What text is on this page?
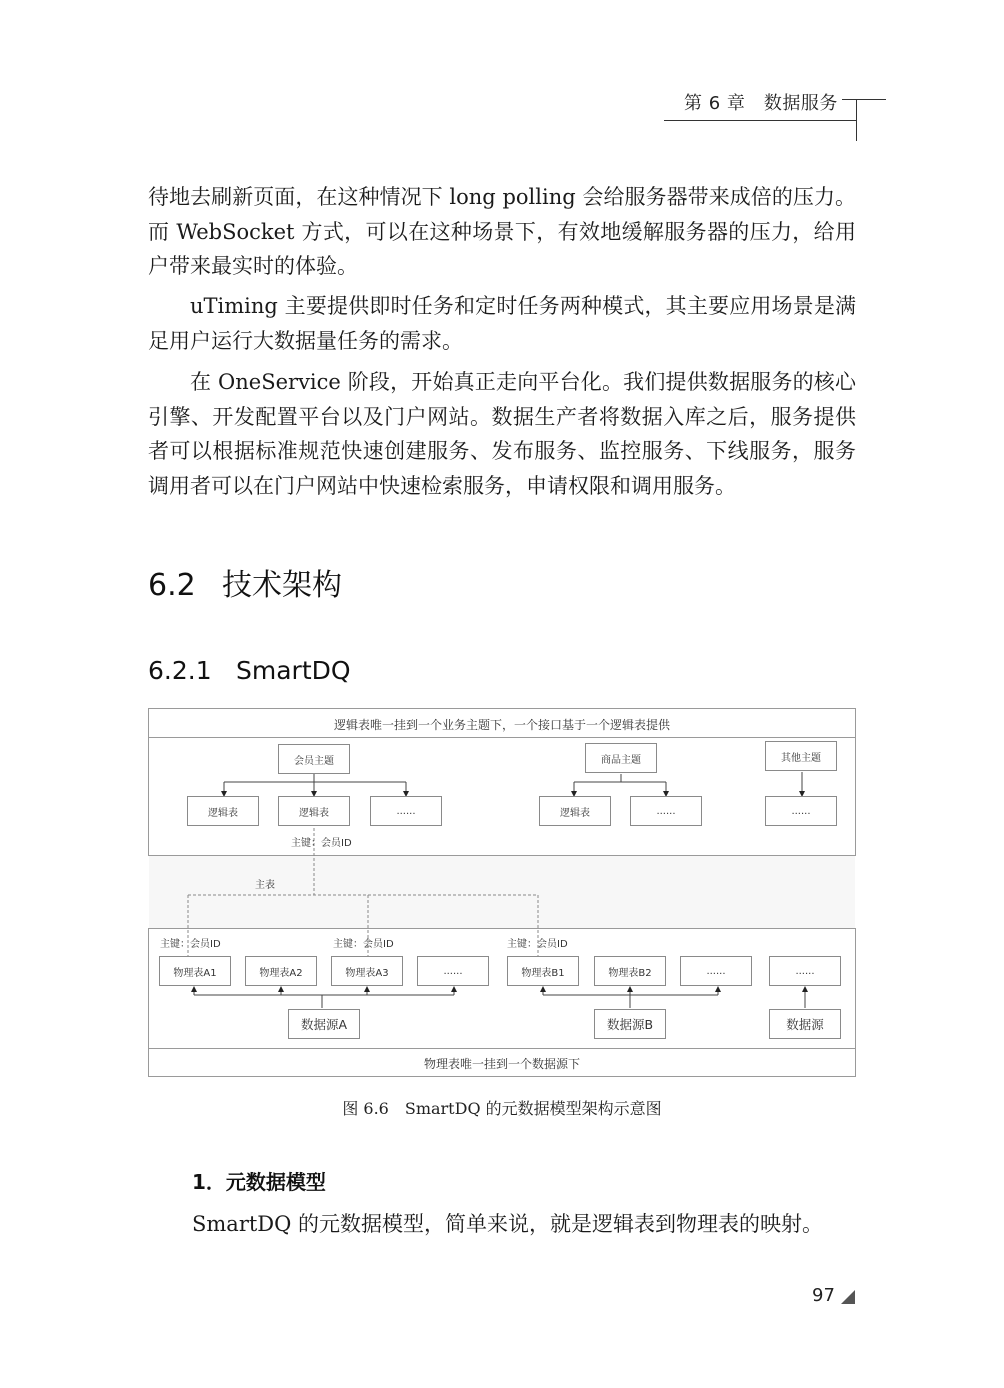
第 6 章　数据服务

待地去刷新页面，在这种情况下 long polling 会给服务器带来成倍的压力。而 WebSocket 方式，可以在这种场景下，有效地缓解服务器的压力，给用户带来最实时的体验。

uTiming 主要提供即时任务和定时任务两种模式，其主要应用场景是满足用户运行大数据量任务的需求。

在 OneService 阶段，开始真正走向平台化。我们提供数据服务的核心引擎、开发配置平台以及门户网站。数据生产者将数据入库之后，服务提供者可以根据标准规范快速创建服务、发布服务、监控服务、下线服务，服务调用者可以在门户网站中快速检索服务，申请权限和调用服务。

6.2 技术架构
6.2.1 SmartDQ
逻辑表唯一挂到一个业务主题下，一个接口基于一个逻辑表提供
物理表唯一挂到一个数据源下
会员主题	商品主题	其他主题
逻辑表	逻辑表	......	逻辑表	......	......
主键：会员ID
主表
主键：会员ID	主键：会员ID	主键：会员ID
物理表A1	物理表A2	物理表A3	......	物理表B1	物理表B2	......	......
数据源A	数据源B	数据源
图 6.6　SmartDQ 的元数据模型架构示意图
1．元数据模型
SmartDQ 的元数据模型，简单来说，就是逻辑表到物理表的映射。
97
